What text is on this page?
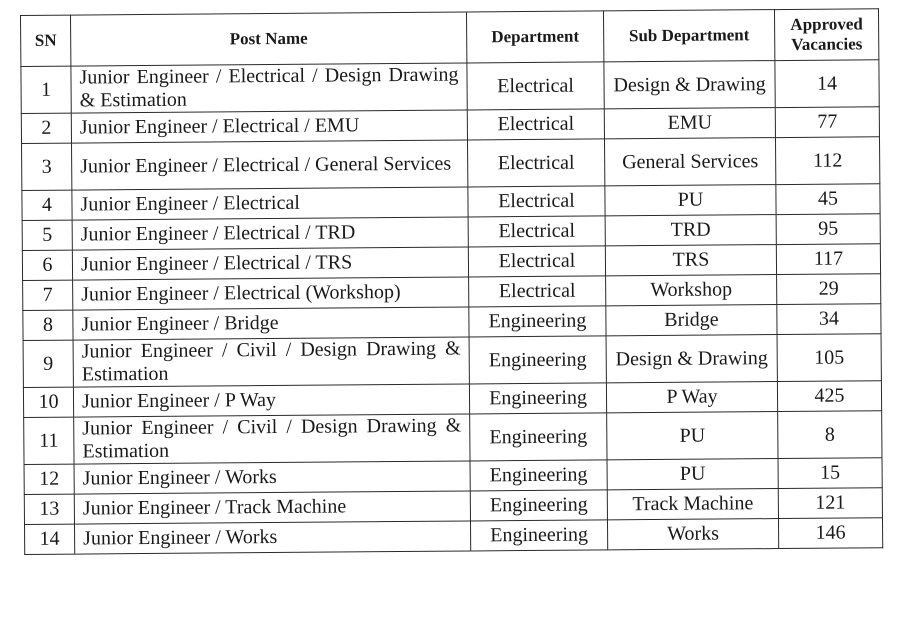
SN	Post Name	Department	Sub Department	Approved Vacancies
1	Junior Engineer / Electrical / Design Drawing & Estimation	Electrical	Design & Drawing	14
2	Junior Engineer / Electrical / EMU	Electrical	EMU	77
3	Junior Engineer / Electrical / General Services	Electrical	General Services	112
4	Junior Engineer / Electrical	Electrical	PU	45
5	Junior Engineer / Electrical / TRD	Electrical	TRD	95
6	Junior Engineer / Electrical / TRS	Electrical	TRS	117
7	Junior Engineer / Electrical (Workshop)	Electrical	Workshop	29
8	Junior Engineer / Bridge	Engineering	Bridge	34
9	Junior Engineer / Civil / Design Drawing & Estimation	Engineering	Design & Drawing	105
10	Junior Engineer / P Way	Engineering	P Way	425
11	Junior Engineer / Civil / Design Drawing & Estimation	Engineering	PU	8
12	Junior Engineer / Works	Engineering	PU	15
13	Junior Engineer / Track Machine	Engineering	Track Machine	121
14	Junior Engineer / Works	Engineering	Works	146
